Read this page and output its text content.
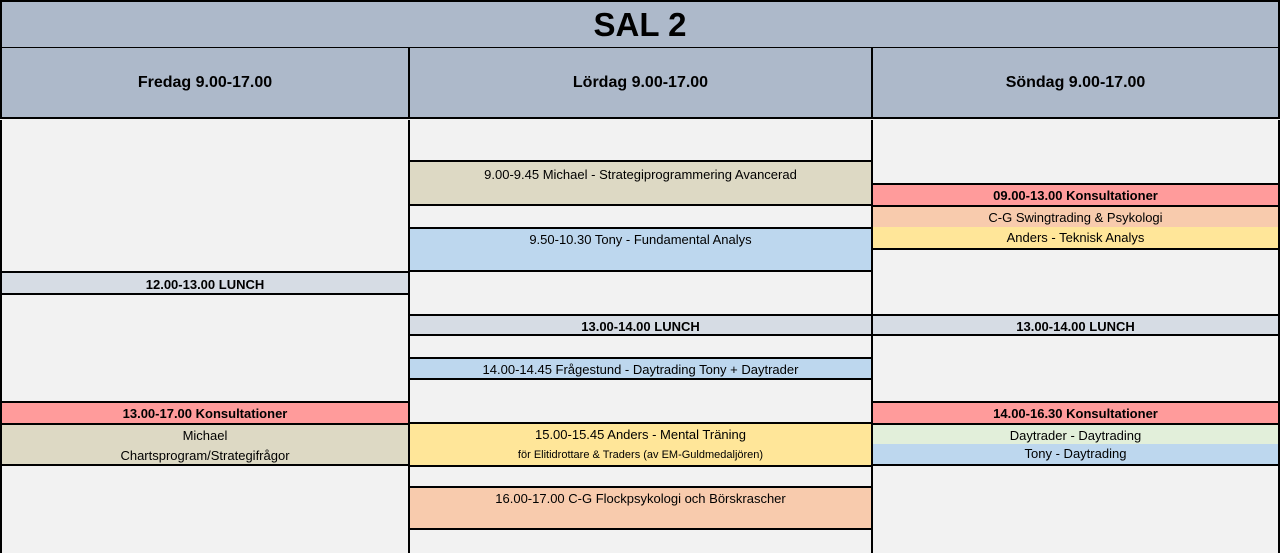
SAL 2
Fredag 9.00-17.00	Lördag 9.00-17.00	Söndag 9.00-17.00
12.00-13.00 LUNCH
13.00-17.00 Konsultationer
Michael
Chartsprogram/Strategifrågor
9.00-9.45 Michael - Strategiprogrammering Avancerad
9.50-10.30 Tony - Fundamental Analys
13.00-14.00 LUNCH
14.00-14.45 Frågestund - Daytrading Tony + Daytrader
15.00-15.45 Anders - Mental Träning
för Elitidrottare & Traders (av EM-Guldmedaljören)
16.00-17.00 C-G Flockpsykologi och Börskrascher
09.00-13.00 Konsultationer
C-G Swingtrading & Psykologi
Anders - Teknisk Analys
13.00-14.00 LUNCH
14.00-16.30 Konsultationer
Daytrader - Daytrading
Tony - Daytrading
